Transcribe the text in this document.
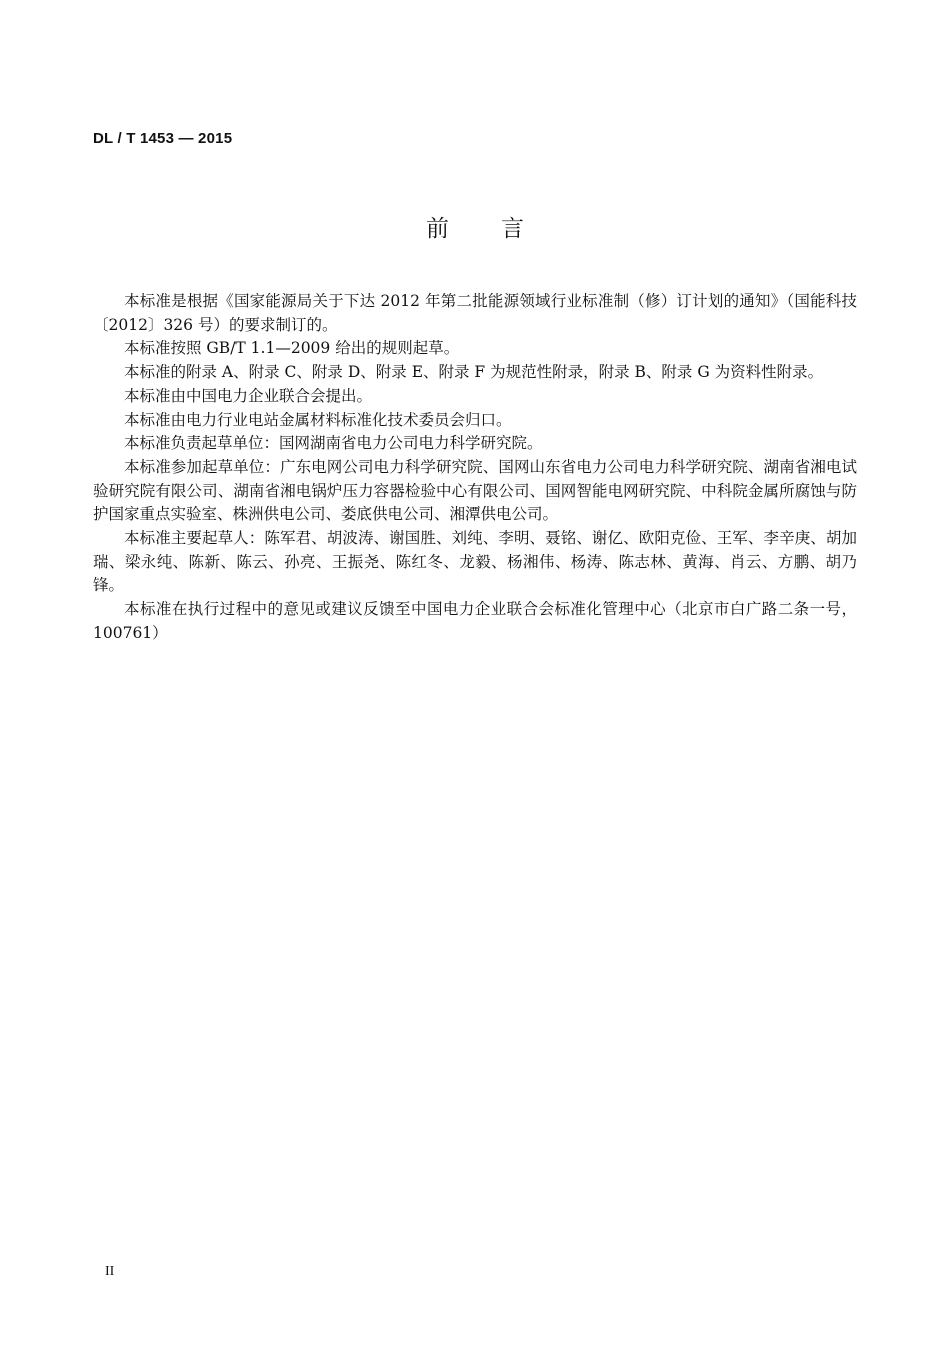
DL / T 1453 — 2015
前言

本标准是根据《国家能源局关于下达 2012 年第二批能源领域行业标准制（修）订计划的通知》（国能科技〔2012〕326 号）的要求制订的。

本标准按照 GB/T 1.1—2009 给出的规则起草。

本标准的附录 A、附录 C、附录 D、附录 E、附录 F 为规范性附录，附录 B、附录 G 为资料性附录。

本标准由中国电力企业联合会提出。

本标准由电力行业电站金属材料标准化技术委员会归口。

本标准负责起草单位：国网湖南省电力公司电力科学研究院。

本标准参加起草单位：广东电网公司电力科学研究院、国网山东省电力公司电力科学研究院、湖南省湘电试验研究院有限公司、湖南省湘电锅炉压力容器检验中心有限公司、国网智能电网研究院、中科院金属所腐蚀与防护国家重点实验室、株洲供电公司、娄底供电公司、湘潭供电公司。

本标准主要起草人：陈军君、胡波涛、谢国胜、刘纯、李明、聂铭、谢亿、欧阳克俭、王军、李辛庚、胡加瑞、梁永纯、陈新、陈云、孙亮、王振尧、陈红冬、龙毅、杨湘伟、杨涛、陈志林、黄海、肖云、方鹏、胡乃锋。

本标准在执行过程中的意见或建议反馈至中国电力企业联合会标准化管理中心（北京市白广路二条一号，100761）

II
